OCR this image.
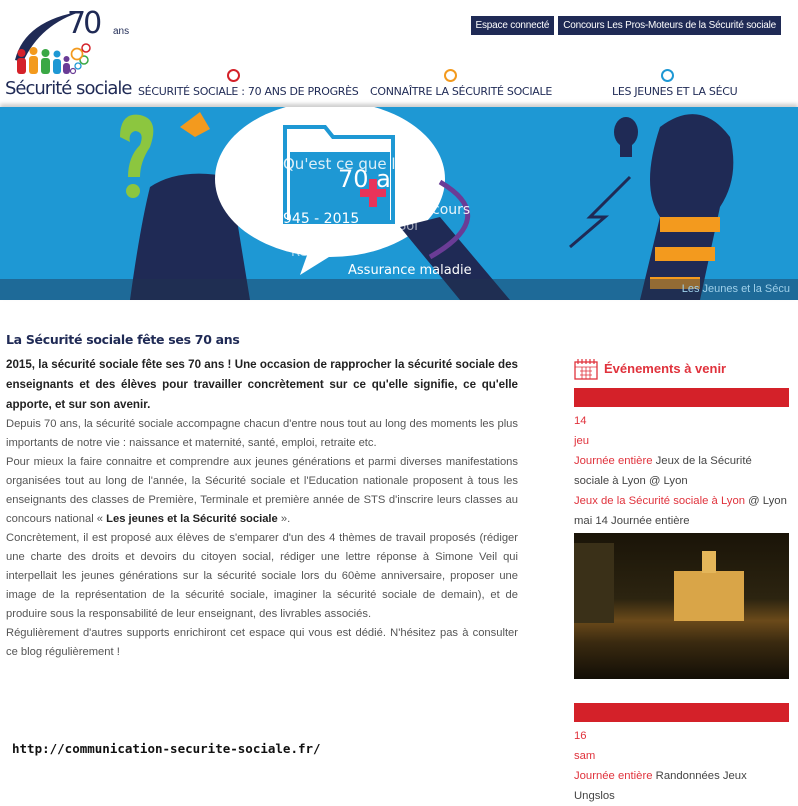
70 ans
Sécurité sociale
Espace connecté	Concours Les Pros-Moteurs de la Sécurité sociale
SÉCURITÉ SOCIALE : 70 ANS DE PROGRÈS CONNAÎTRE LA SÉCURITÉ SOCIALE	LES JEUNES ET LA SÉCU
Qu'est ce que la S
70 a
945 - 2015
cours
Sol
Retr
Assurance maladie
Les Jeunes et la Sécu
La Sécurité sociale fête ses 70 ans

2015, la sécurité sociale fête ses 70 ans ! Une occasion de rapprocher la sécurité sociale des enseignants et des élèves pour travailler concrètement sur ce qu'elle signifie, ce qu'elle apporte, et sur son avenir.

Depuis 70 ans, la sécurité sociale accompagne chacun d'entre nous tout au long des moments les plus importants de notre vie : naissance et maternité, santé, emploi, retraite etc.

Pour mieux la faire connaitre et comprendre aux jeunes générations et parmi diverses manifestations organisées tout au long de l'année, la Sécurité sociale et l'Education nationale proposent à tous les enseignants des classes de Première, Terminale et première année de STS d'inscrire leurs classes au concours national « Les jeunes et la Sécurité sociale ».

Concrètement, il est proposé aux élèves de s'emparer d'un des 4 thèmes de travail proposés (rédiger une charte des droits et devoirs du citoyen social, rédiger une lettre réponse à Simone Veil qui interpellait les jeunes générations sur la sécurité sociale lors du 60ème anniversaire, proposer une image de la représentation de la sécurité sociale, imaginer la sécurité sociale de demain), et de produire sous la responsabilité de leur enseignant, des livrables associés.

Régulièrement d'autres supports enrichiront cet espace qui vous est dédié. N'hésitez pas à consulter ce blog régulièrement !

Événements à venir
14
jeu
Journée entière Jeux de la Sécurité sociale à Lyon @ Lyon
Jeux de la Sécurité sociale à Lyon @ Lyon
mai 14 Journée entière
16
sam
Journée entière Randonnées Jeux Ungslos
http://communication-securite-sociale.fr/
